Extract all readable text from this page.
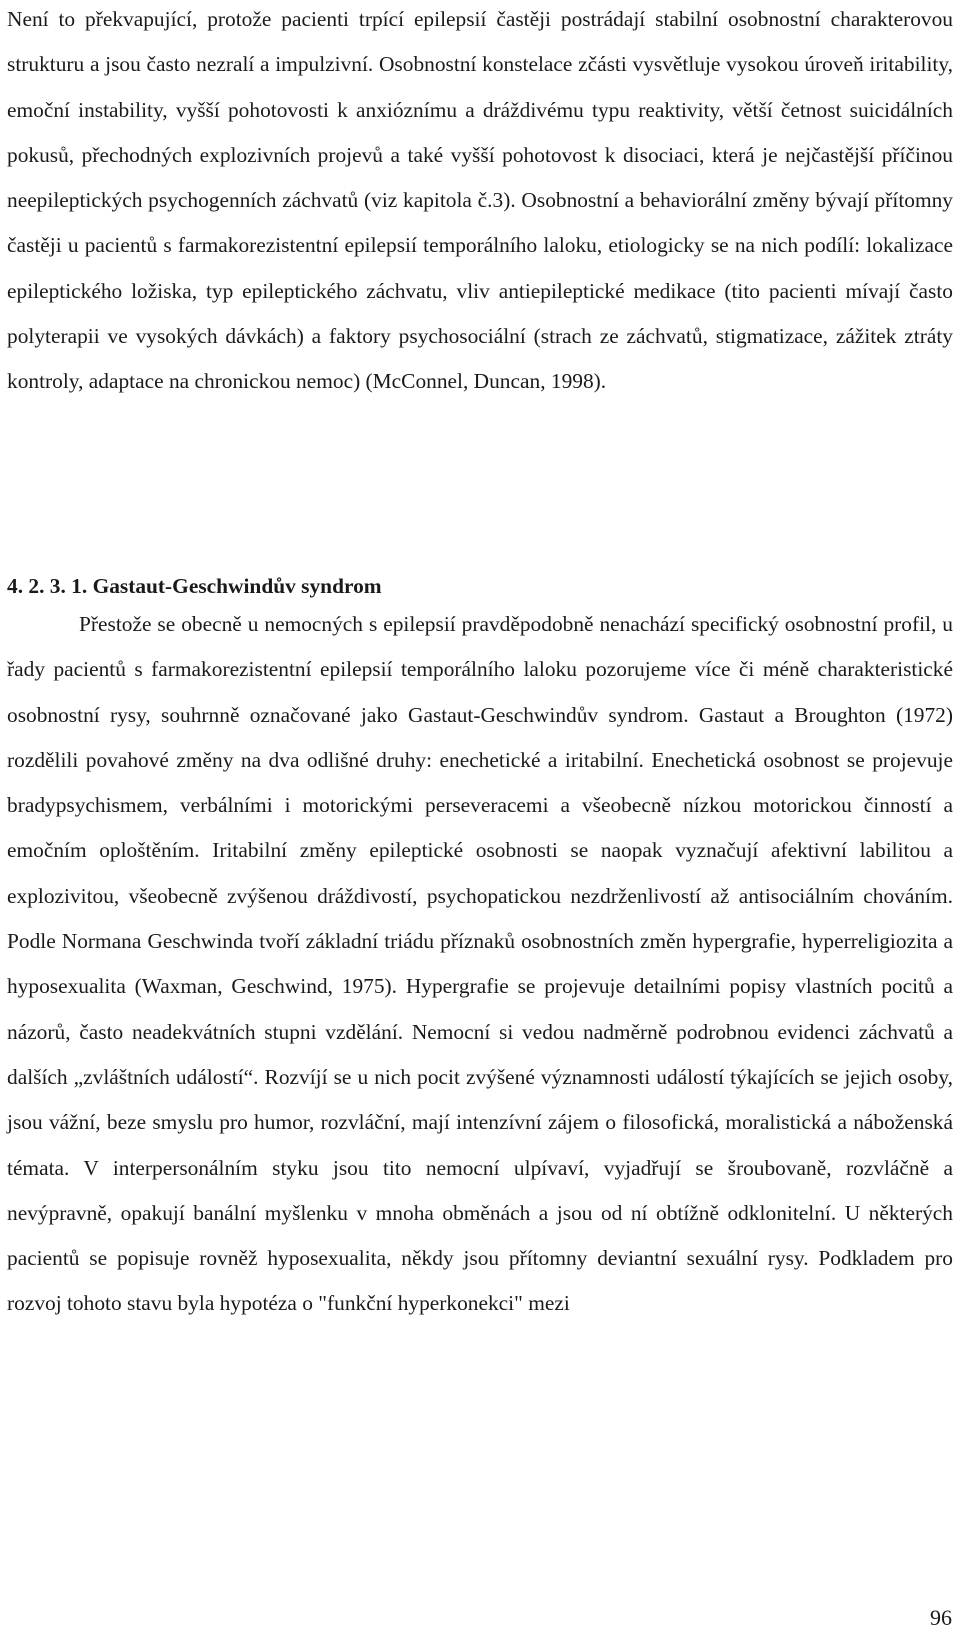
Není to překvapující, protože pacienti trpící epilepsií častěji postrádají stabilní osobnostní charakterovou strukturu a jsou často nezralí a impulzivní. Osobnostní konstelace zčásti vysvětluje vysokou úroveň iritability, emoční instability, vyšší pohotovosti k anxióznímu a dráždivému typu reaktivity, větší četnost suicidálních pokusů, přechodných explozivních projevů a také vyšší pohotovost k disociaci, která je nejčastější příčinou neepileptických psychogenních záchvatů (viz kapitola č.3). Osobnostní a behaviorální změny bývají přítomny častěji u pacientů s farmakorezistentní epilepsií temporálního laloku, etiologicky se na nich podílí: lokalizace epileptického ložiska, typ epileptického záchvatu, vliv antiepileptické medikace (tito pacienti mívají často polyterapii ve vysokých dávkách) a faktory psychosociální (strach ze záchvatů, stigmatizace, zážitek ztráty kontroly, adaptace na chronickou nemoc) (McConnel, Duncan, 1998).

4. 2. 3. 1. Gastaut-Geschwindův syndrom

Přestože se obecně u nemocných s epilepsií pravděpodobně nenachází specifický osobnostní profil, u řady pacientů s farmakorezistentní epilepsií temporálního laloku pozorujeme více či méně charakteristické osobnostní rysy, souhrnně označované jako Gastaut-Geschwindův syndrom. Gastaut a Broughton (1972) rozdělili povahové změny na dva odlišné druhy: enechetické a iritabilní. Enechetická osobnost se projevuje bradypsychismem, verbálními i motorickými perseveracemi a všeobecně nízkou motorickou činností a emočním oploštěním. Iritabilní změny epileptické osobnosti se naopak vyznačují afektivní labilitou a explozivitou, všeobecně zvýšenou dráždivostí, psychopatickou nezdrženlivostí až antisociálním chováním. Podle Normana Geschwinda tvoří základní triádu příznaků osobnostních změn hypergrafie, hyperreligiozita a hyposexualita (Waxman, Geschwind, 1975). Hypergrafie se projevuje detailními popisy vlastních pocitů a názorů, často neadekvátních stupni vzdělání. Nemocní si vedou nadměrně podrobnou evidenci záchvatů a dalších „zvláštních událostí“. Rozvíjí se u nich pocit zvýšené významnosti událostí týkajících se jejich osoby, jsou vážní, beze smyslu pro humor, rozvláční, mají intenzívní zájem o filosofická, moralistická a náboženská témata. V interpersonálním styku jsou tito nemocní ulpívaví, vyjadřují se šroubovaně, rozvláčně a nevýpravně, opakují banální myšlenku v mnoha obměnách a jsou od ní obtížně odklonitelní. U některých pacientů se popisuje rovněž hyposexualita, někdy jsou přítomny deviantní sexuální rysy. Podkladem pro rozvoj tohoto stavu byla hypotéza o "funkční hyperkonekci" mezi

96
